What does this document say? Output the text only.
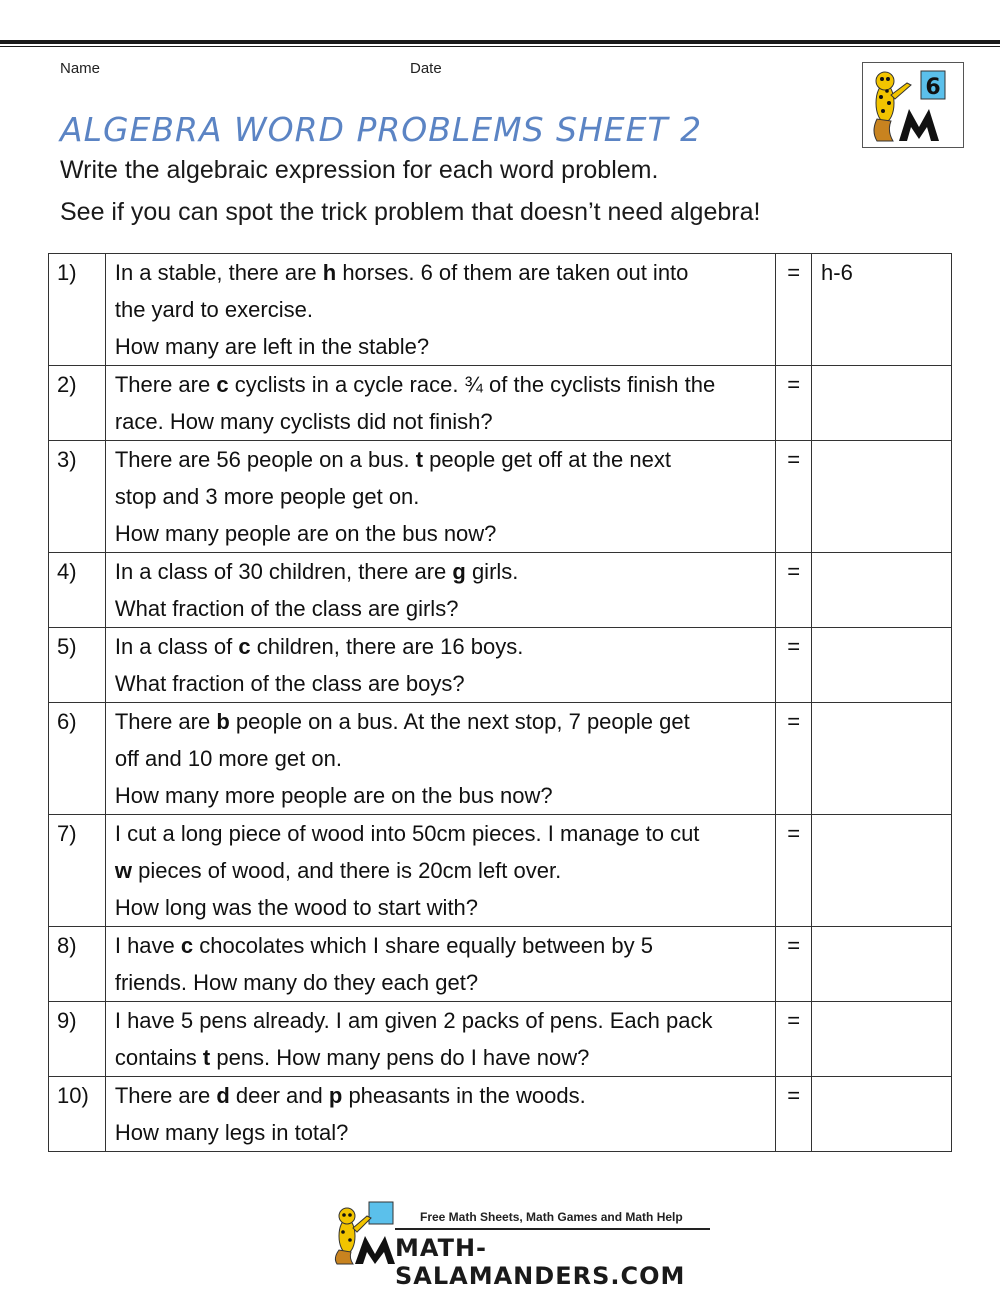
Name	Date
6
ALGEBRA WORD PROBLEMS SHEET 2
Write the algebraic expression for each word problem.
See if you can spot the trick problem that doesn’t need algebra!
1)	In a stable, there are h horses. 6 of them are taken out into
the yard to exercise.
How many are left in the stable?	=	h-6
2)	There are c cyclists in a cycle race. ¾ of the cyclists finish the
race. How many cyclists did not finish?	=	
3)	There are 56 people on a bus. t people get off at the next
stop and 3 more people get on.
How many people are on the bus now?	=	
4)	In a class of 30 children, there are g girls.
What fraction of the class are girls?	=	
5)	In a class of c children, there are 16 boys.
What fraction of the class are boys?	=	
6)	There are b people on a bus. At the next stop, 7 people get
off and 10 more get on.
How many more people are on the bus now?	=	
7)	I cut a long piece of wood into 50cm pieces. I manage to cut
w pieces of wood, and there is 20cm left over.
How long was the wood to start with?	=	
8)	I have c chocolates which I share equally between by 5
friends. How many do they each get?	=	
9)	I have 5 pens already. I am given 2 packs of pens. Each pack
contains t pens. How many pens do I have now?	=	
10)	There are d deer and p pheasants in the woods.
How many legs in total?	=	
Free Math Sheets, Math Games and Math Help
MATH-SALAMANDERS.COM
